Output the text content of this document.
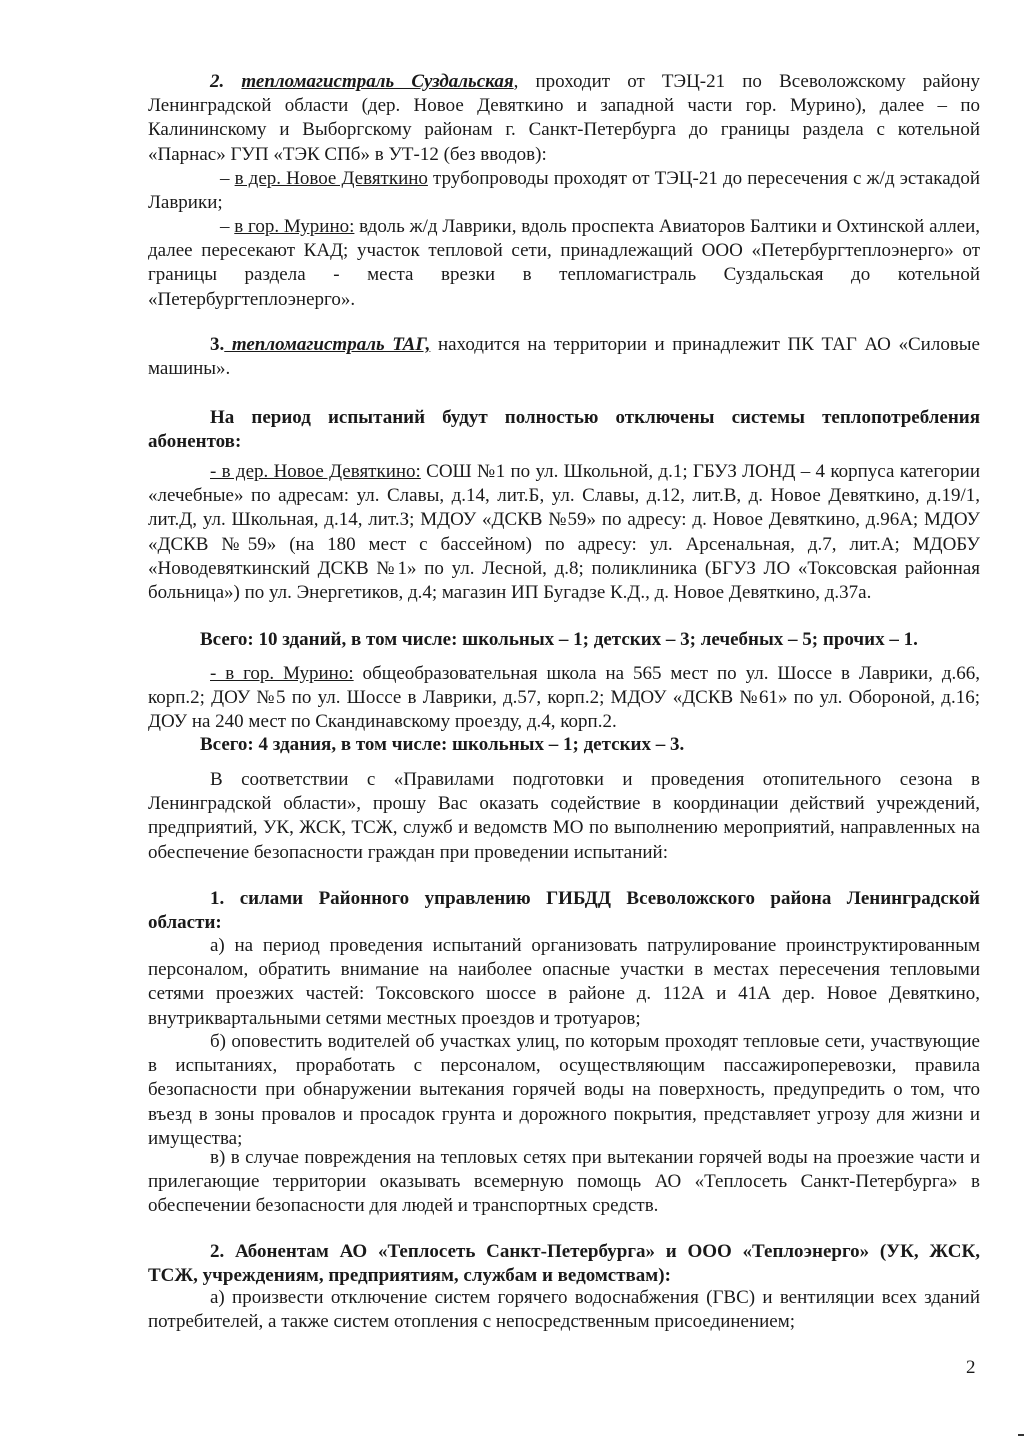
2. тепломагистраль Суздальская, проходит от ТЭЦ-21 по Всеволожскому району Ленинградской области (дер. Новое Девяткино и западной части гор. Мурино), далее – по Калининскому и Выборгскому районам г. Санкт-Петербурга до границы раздела с котельной «Парнас» ГУП «ТЭК СПб» в УТ-12 (без вводов):

– в дер. Новое Девяткино трубопроводы проходят от ТЭЦ-21 до пересечения с ж/д эстакадой Лаврики;

– в гор. Мурино: вдоль ж/д Лаврики, вдоль проспекта Авиаторов Балтики и Охтинской аллеи, далее пересекают КАД; участок тепловой сети, принадлежащий ООО «Петербургтеплоэнерго» от границы раздела - места врезки в тепломагистраль Суздальская до котельной «Петербургтеплоэнерго».

3. тепломагистраль ТАГ, находится на территории и принадлежит ПК ТАГ АО «Силовые машины».

На период испытаний будут полностью отключены системы теплопотребления абонентов:

- в дер. Новое Девяткино: СОШ №1 по ул. Школьной, д.1; ГБУЗ ЛОНД – 4 корпуса категории «лечебные» по адресам: ул. Славы, д.14, лит.Б, ул. Славы, д.12, лит.В, д. Новое Девяткино, д.19/1, лит.Д, ул. Школьная, д.14, лит.З; МДОУ «ДСКВ №59» по адресу: д. Новое Девяткино, д.96А; МДОУ «ДСКВ №59» (на 180 мест с бассейном) по адресу: ул. Арсенальная, д.7, лит.А; МДОБУ «Новодевяткинский ДСКВ №1» по ул. Лесной, д.8; поликлиника (БГУЗ ЛО «Токсовская районная больница») по ул. Энергетиков, д.4; магазин ИП Бугадзе К.Д., д. Новое Девяткино, д.37а.

Всего: 10 зданий, в том числе: школьных – 1; детских – 3; лечебных – 5; прочих – 1.

- в гор. Мурино: общеобразовательная школа на 565 мест по ул. Шоссе в Лаврики, д.66, корп.2; ДОУ №5 по ул. Шоссе в Лаврики, д.57, корп.2; МДОУ «ДСКВ №61» по ул. Обороной, д.16; ДОУ на 240 мест по Скандинавскому проезду, д.4, корп.2.

Всего: 4 здания, в том числе: школьных – 1; детских – 3.

В соответствии с «Правилами подготовки и проведения отопительного сезона в Ленинградской области», прошу Вас оказать содействие в координации действий учреждений, предприятий, УК, ЖСК, ТСЖ, служб и ведомств МО по выполнению мероприятий, направленных на обеспечение безопасности граждан при проведении испытаний:

1. силами Районного управлению ГИБДД Всеволожского района Ленинградской области:

а) на период проведения испытаний организовать патрулирование проинструктированным персоналом, обратить внимание на наиболее опасные участки в местах пересечения тепловыми сетями проезжих частей: Токсовского шоссе в районе д. 112А и 41А дер. Новое Девяткино, внутриквартальными сетями местных проездов и тротуаров;

б) оповестить водителей об участках улиц, по которым проходят тепловые сети, участвующие в испытаниях, проработать с персоналом, осуществляющим пассажироперевозки, правила безопасности при обнаружении вытекания горячей воды на поверхность, предупредить о том, что въезд в зоны провалов и просадок грунта и дорожного покрытия, представляет угрозу для жизни и имущества;

в) в случае повреждения на тепловых сетях при вытекании горячей воды на проезжие части и прилегающие территории оказывать всемерную помощь АО «Теплосеть Санкт-Петербурга» в обеспечении безопасности для людей и транспортных средств.

2. Абонентам АО «Теплосеть Санкт-Петербурга» и ООО «Теплоэнерго» (УК, ЖСК, ТСЖ, учреждениям, предприятиям, службам и ведомствам):

а) произвести отключение систем горячего водоснабжения (ГВС) и вентиляции всех зданий потребителей, а также систем отопления с непосредственным присоединением;

2
